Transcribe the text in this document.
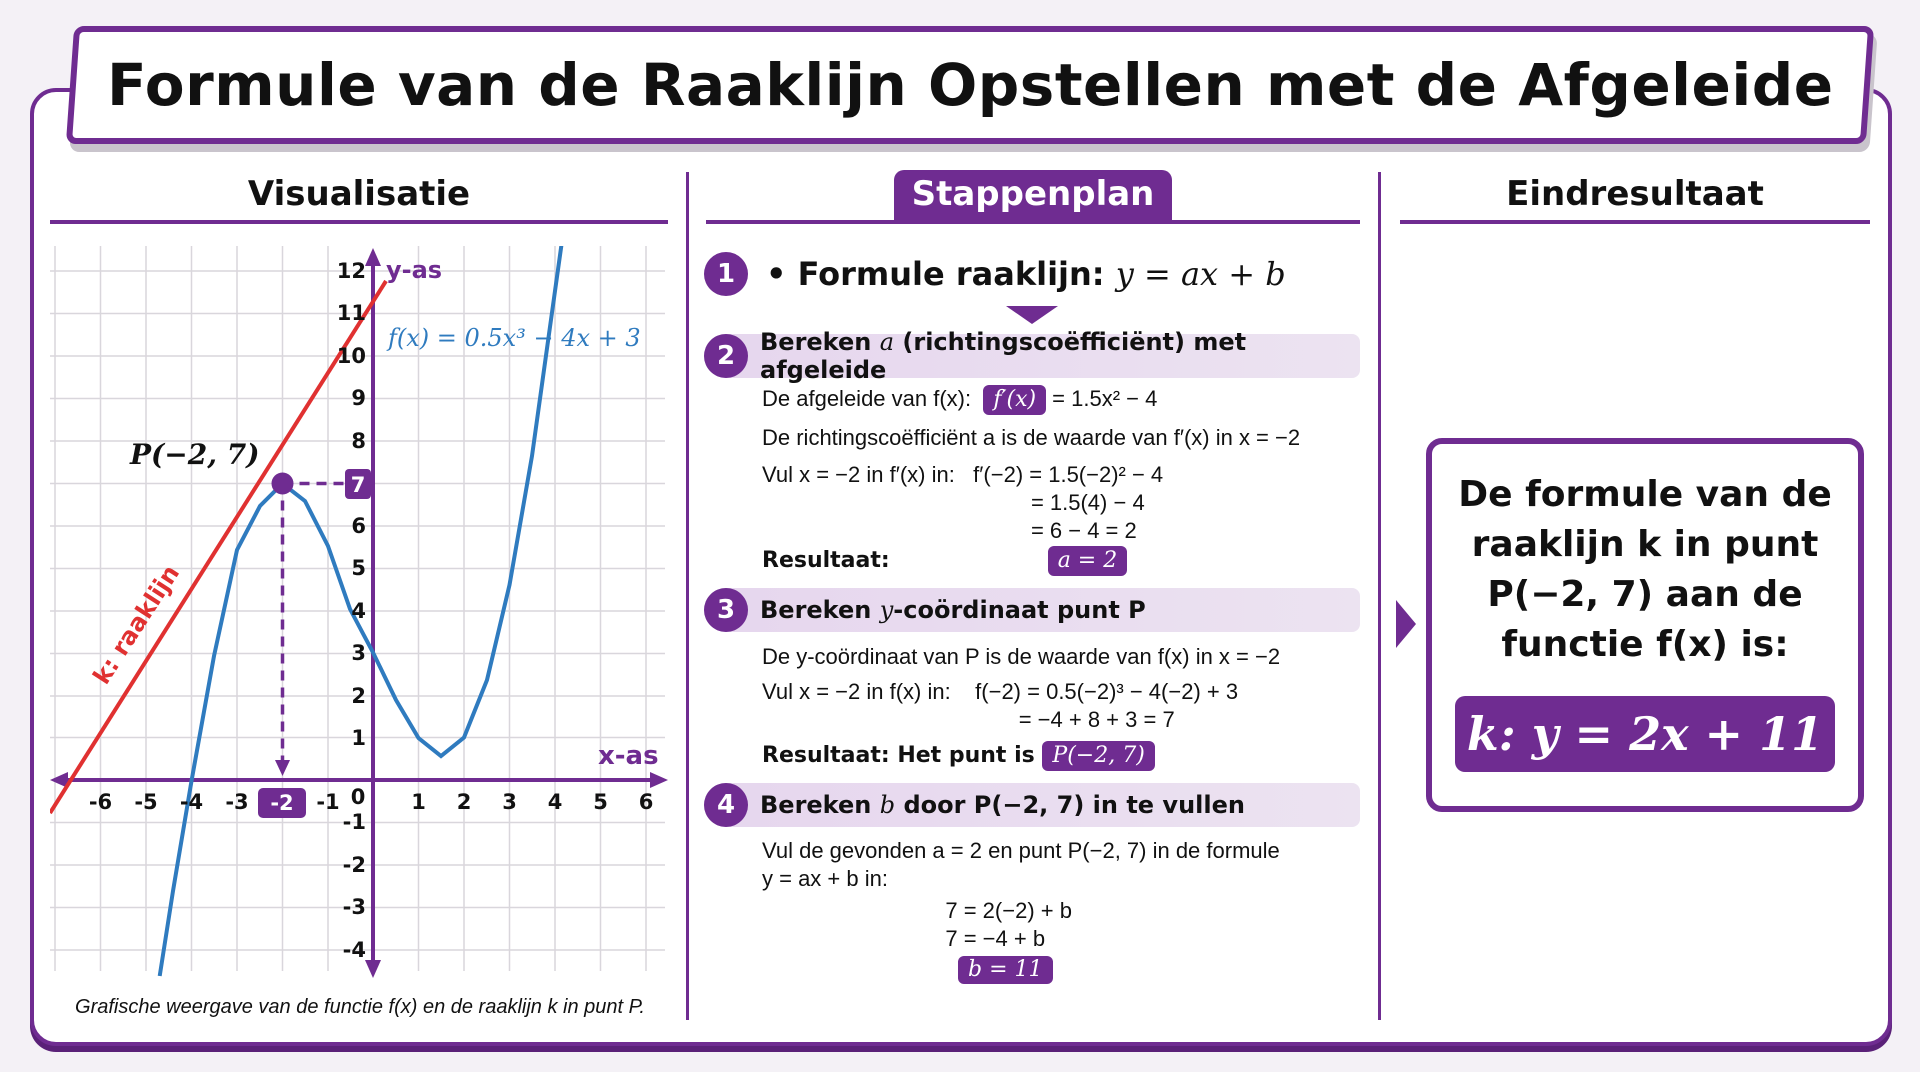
Formule van de Raaklijn Opstellen met de Afgeleide
Visualisatie	Stappenplan	Eindresultaat
-6 -5 -4 -3	-1 0 1 2 3 4 5 6
-2
12
11
10
9
8
6
5
4
3
2
1
-1
-2
-3
-4
7
y-as
x-as
f(x) = 0.5x³ − 4x + 3
P(−2, 7)
k: raaklijn
Grafische weergave van de functie f(x) en de raaklijn k in punt P.
1 • Formule raaklijn: y = ax + b
2	Bereken a (richtingscoëfficiënt) met afgeleide
De afgeleide van f(x):  f′(x) = 1.5x² − 4
De richtingscoëfficiënt a is de waarde van f′(x) in x = −2
Vul x = −2 in f′(x) in:   f′(−2) = 1.5(−2)² − 4
= 1.5(4) − 4
= 6 − 4 = 2
Resultaat:	a = 2
3	Bereken y-coördinaat punt P
De y-coördinaat van P is de waarde van f(x) in x = −2
Vul x = −2 in f(x) in:    f(−2) = 0.5(−2)³ − 4(−2) + 3
= −4 + 8 + 3 = 7
Resultaat: Het punt is P(−2, 7)
4	Bereken b door P(−2, 7) in te vullen
Vul de gevonden a = 2 en punt P(−2, 7) in de formule
y = ax + b in:
7 = 2(−2) + b
7 = −4 + b
b = 11
De formule van de
raaklijn k in punt
P(−2, 7) aan de
functie f(x) is:
k: y = 2x + 11
